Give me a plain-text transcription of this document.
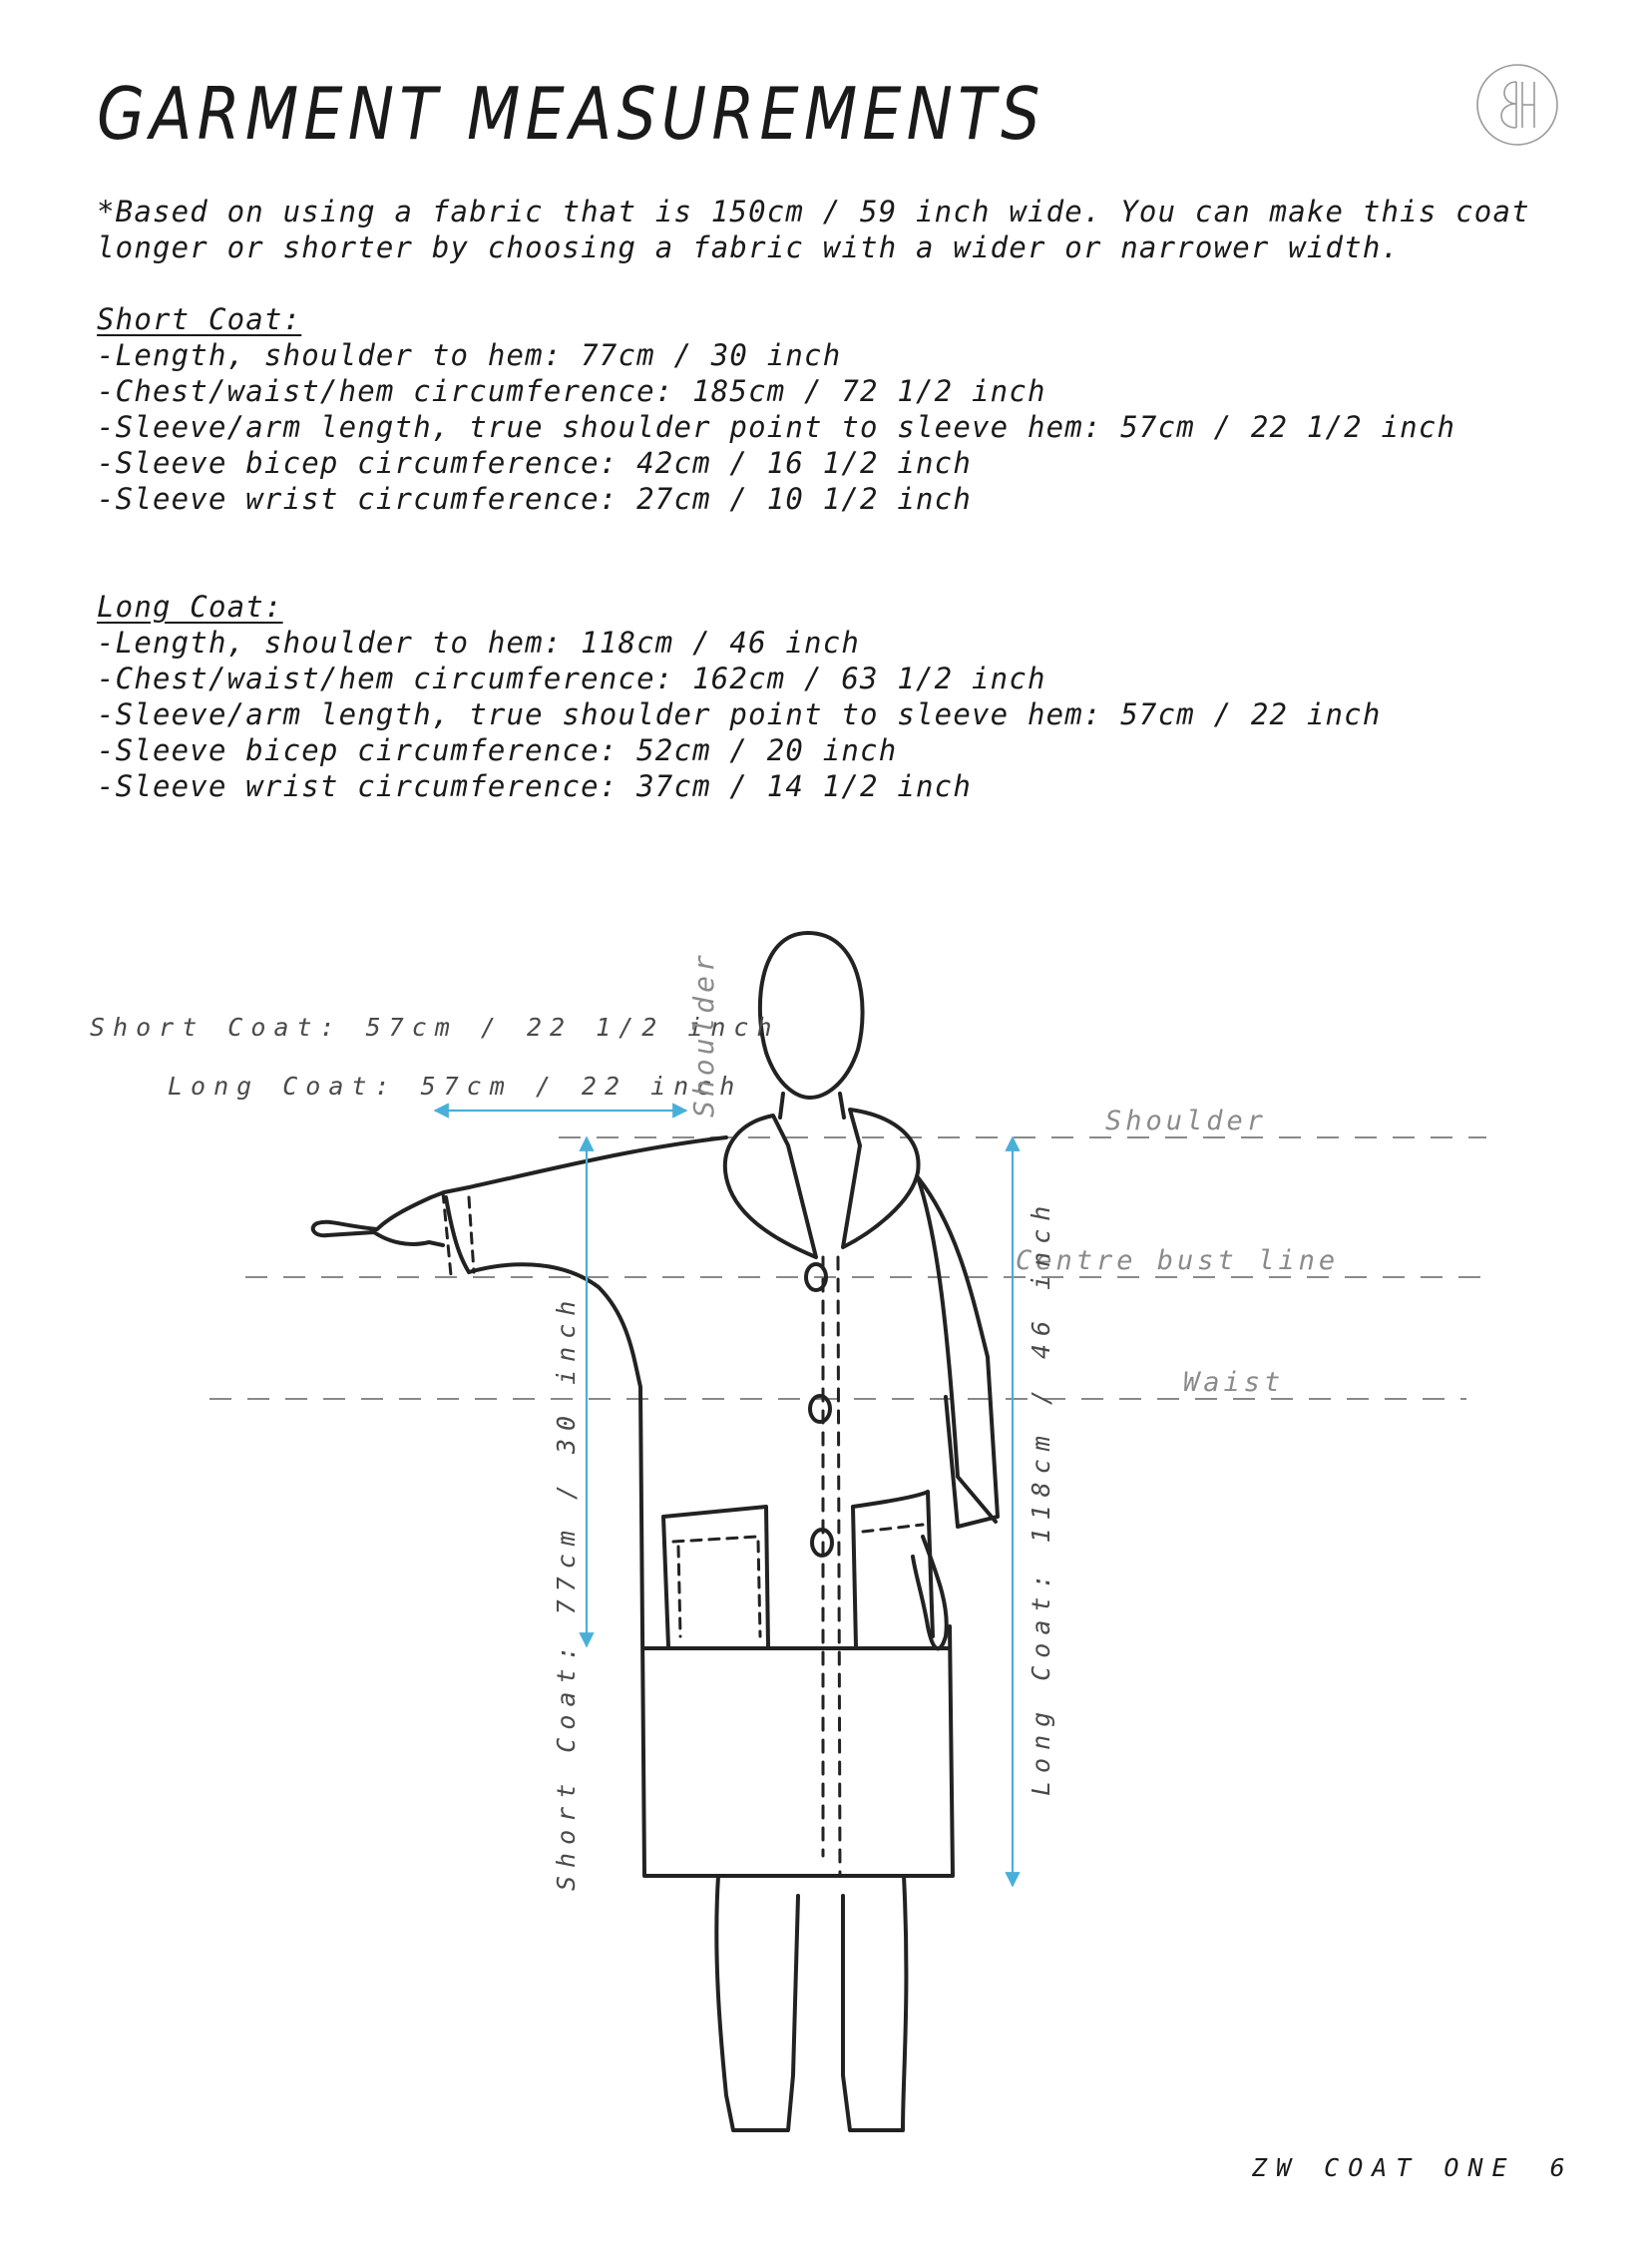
GARMENT MEASUREMENTS

*Based on using a fabric that is 150cm / 59 inch wide. You can make this coat

longer or shorter by choosing a fabric with a wider or narrower width.

Short Coat:
-Length, shoulder to hem: 77cm / 30 inch
-Chest/waist/hem circumference: 185cm / 72 1/2 inch
-Sleeve/arm length, true shoulder point to sleeve hem: 57cm / 22 1/2 inch
-Sleeve bicep circumference: 42cm / 16 1/2 inch
-Sleeve wrist circumference: 27cm / 10 1/2 inch
Long Coat:
-Length, shoulder to hem: 118cm / 46 inch
-Chest/waist/hem circumference: 162cm / 63 1/2 inch
-Sleeve/arm length, true shoulder point to sleeve hem: 57cm / 22 inch
-Sleeve bicep circumference: 52cm / 20 inch
-Sleeve wrist circumference: 37cm / 14 1/2 inch
Short Coat: 57cm / 22 1/2 inch
Long Coat: 57cm / 22 inch
Shoulder
Shoulder
Centre bust line
Waist
Short Coat: 77cm / 30 inch	Long Coat: 118cm / 46 inch
ZW COAT ONE 6
